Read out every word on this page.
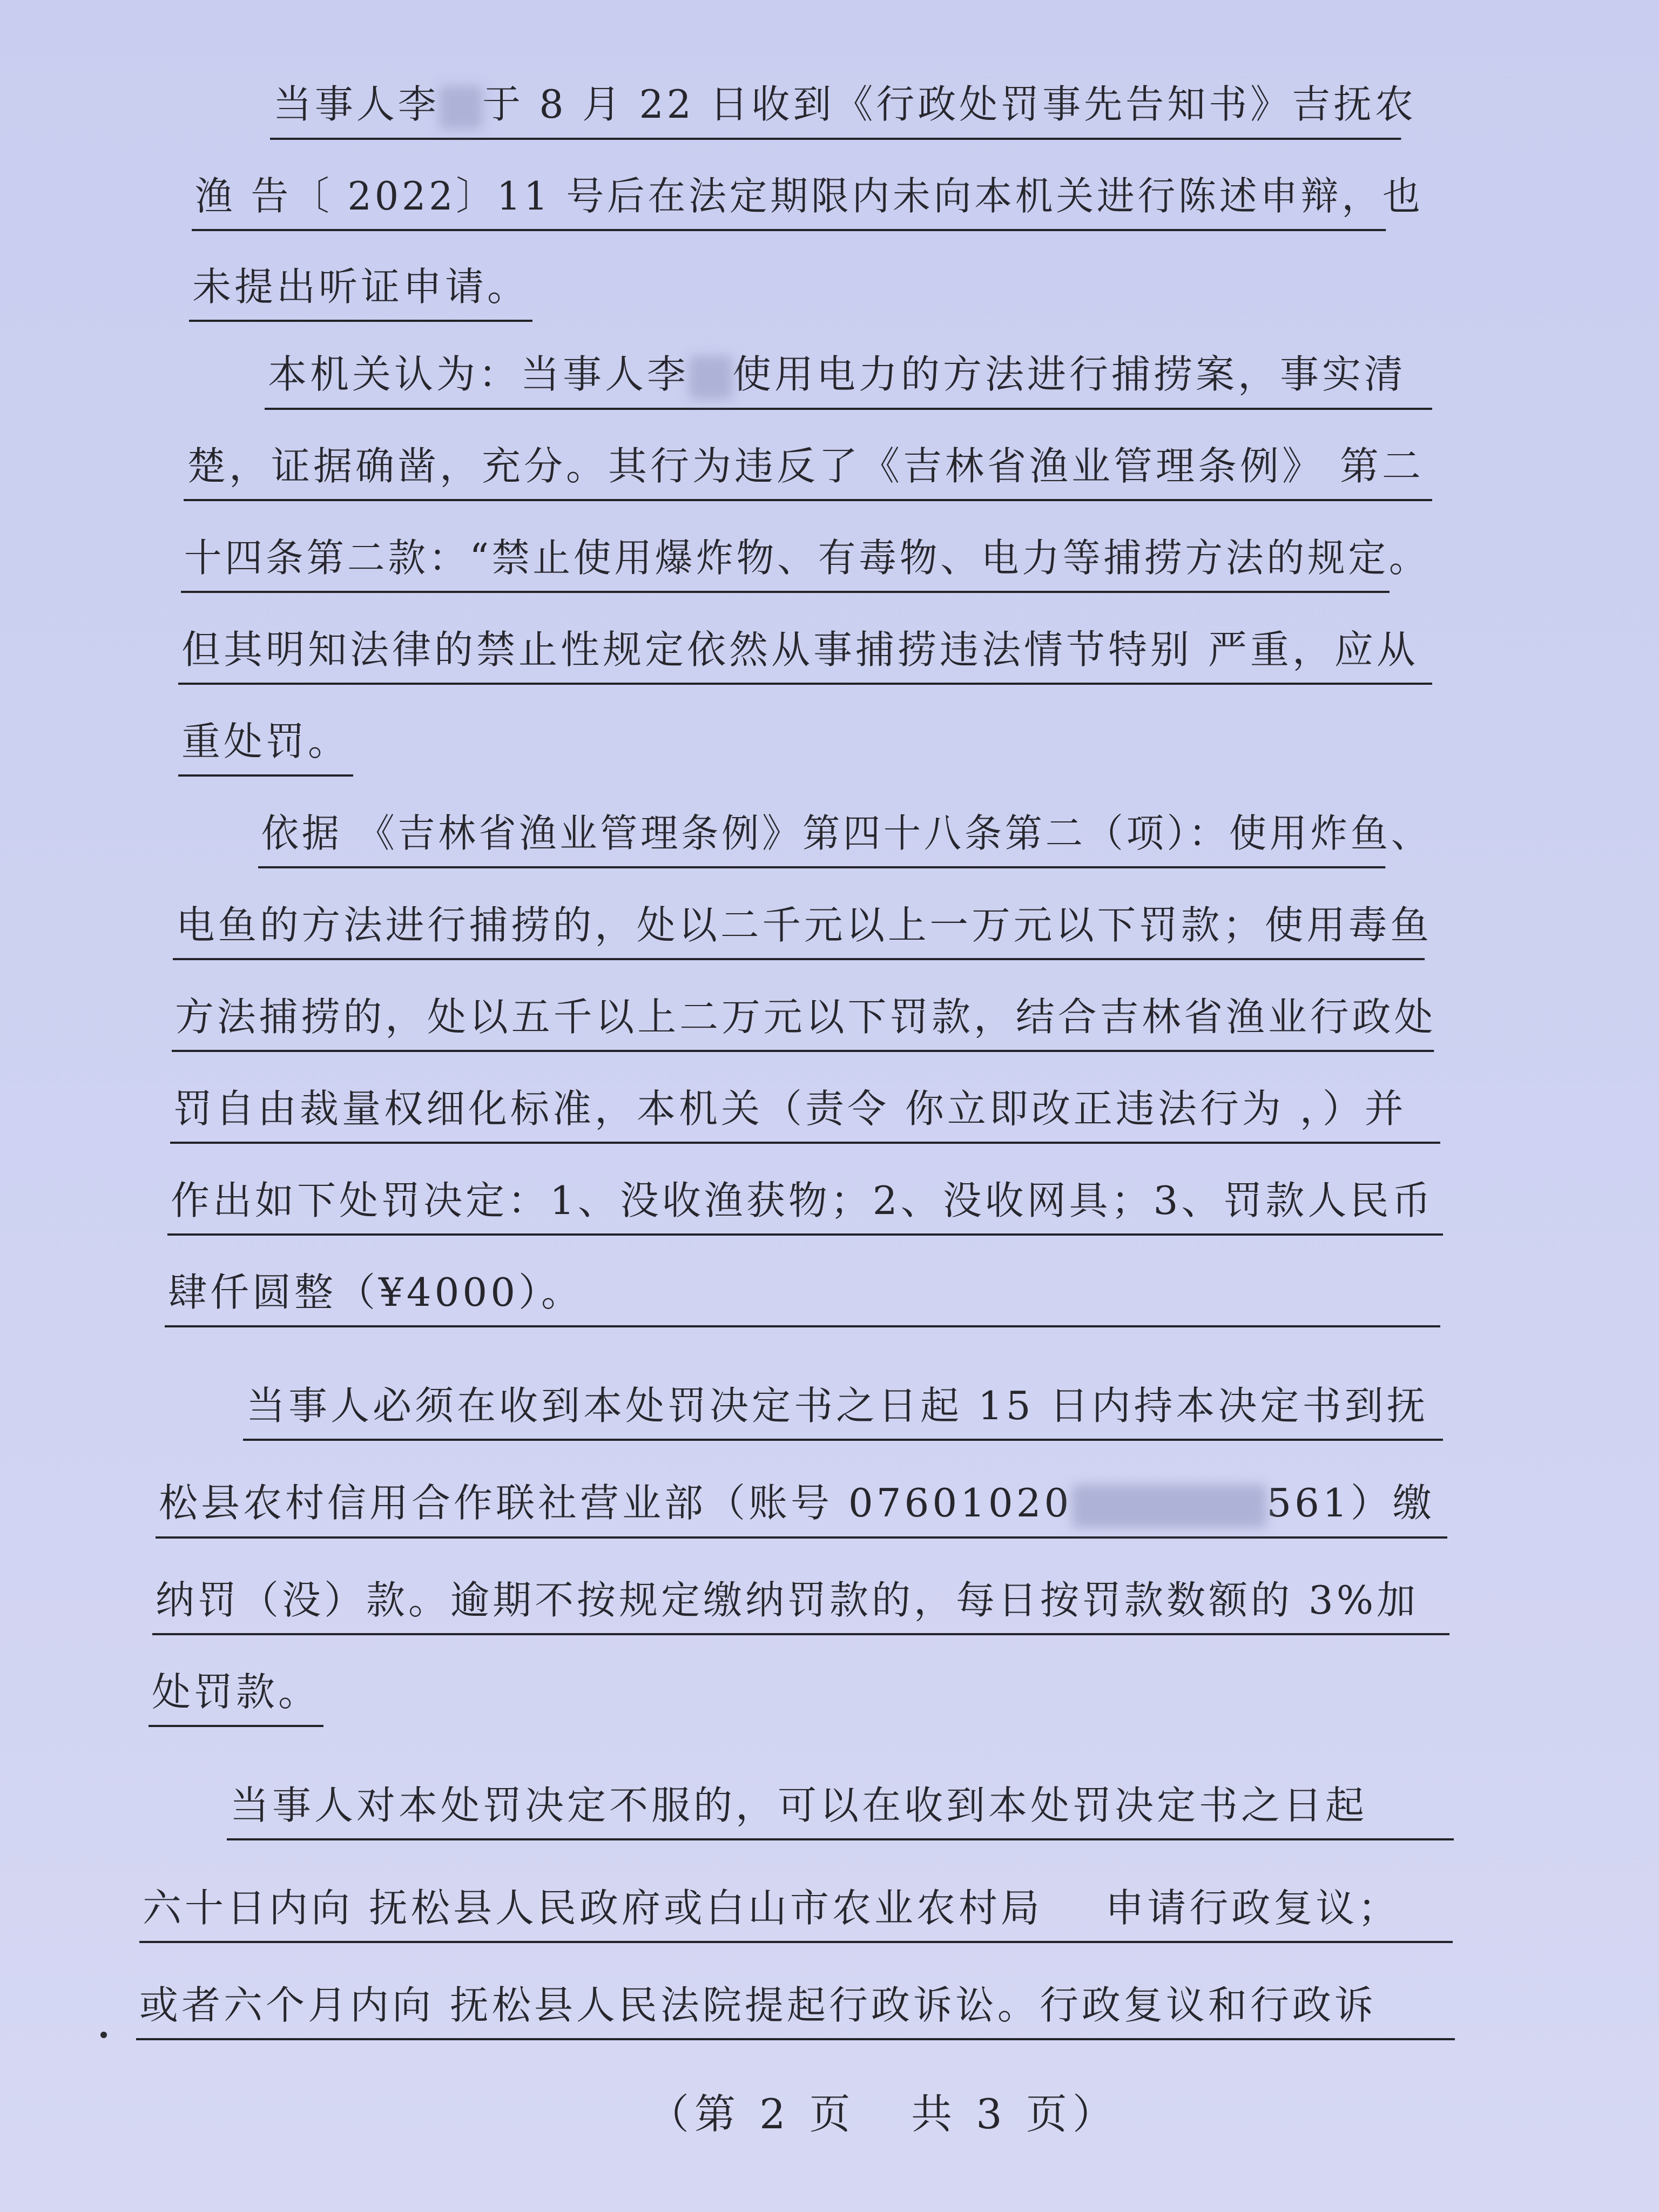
当事人李 于 8 月 22 日收到《行政处罚事先告知书》吉抚农
渔 告〔 2022〕11 号后在法定期限内未向本机关进行陈述申辩，也
未提出听证申请。
本机关认为：当事人李 使用电力的方法进行捕捞案，事实清
楚，证据确凿，充分。其行为违反了《吉林省渔业管理条例》 第二
十四条第二款：“禁止使用爆炸物、有毒物、电力等捕捞方法的规定。
但其明知法律的禁止性规定依然从事捕捞违法情节特别 严重，应从
重处罚。
依据 《吉林省渔业管理条例》第四十八条第二（项）：使用炸鱼、
电鱼的方法进行捕捞的，处以二千元以上一万元以下罚款；使用毒鱼
方法捕捞的，处以五千以上二万元以下罚款，结合吉林省渔业行政处
罚自由裁量权细化标准，本机关（责令 你立即改正违法行为 ，）并
作出如下处罚决定：1、没收渔获物；2、没收网具；3、罚款人民币
肆仟圆整（¥4000）。
当事人必须在收到本处罚决定书之日起 15 日内持本决定书到抚
松县农村信用合作联社营业部（账号 07601020	561）缴
纳罚（没）款。逾期不按规定缴纳罚款的，每日按罚款数额的 3%加
处罚款。
当事人对本处罚决定不服的，可以在收到本处罚决定书之日起
六十日内向 抚松县人民政府或白山市农业农村局    申请行政复议；
或者六个月内向 抚松县人民法院提起行政诉讼。行政复议和行政诉
（第 2 页   共 3 页）
